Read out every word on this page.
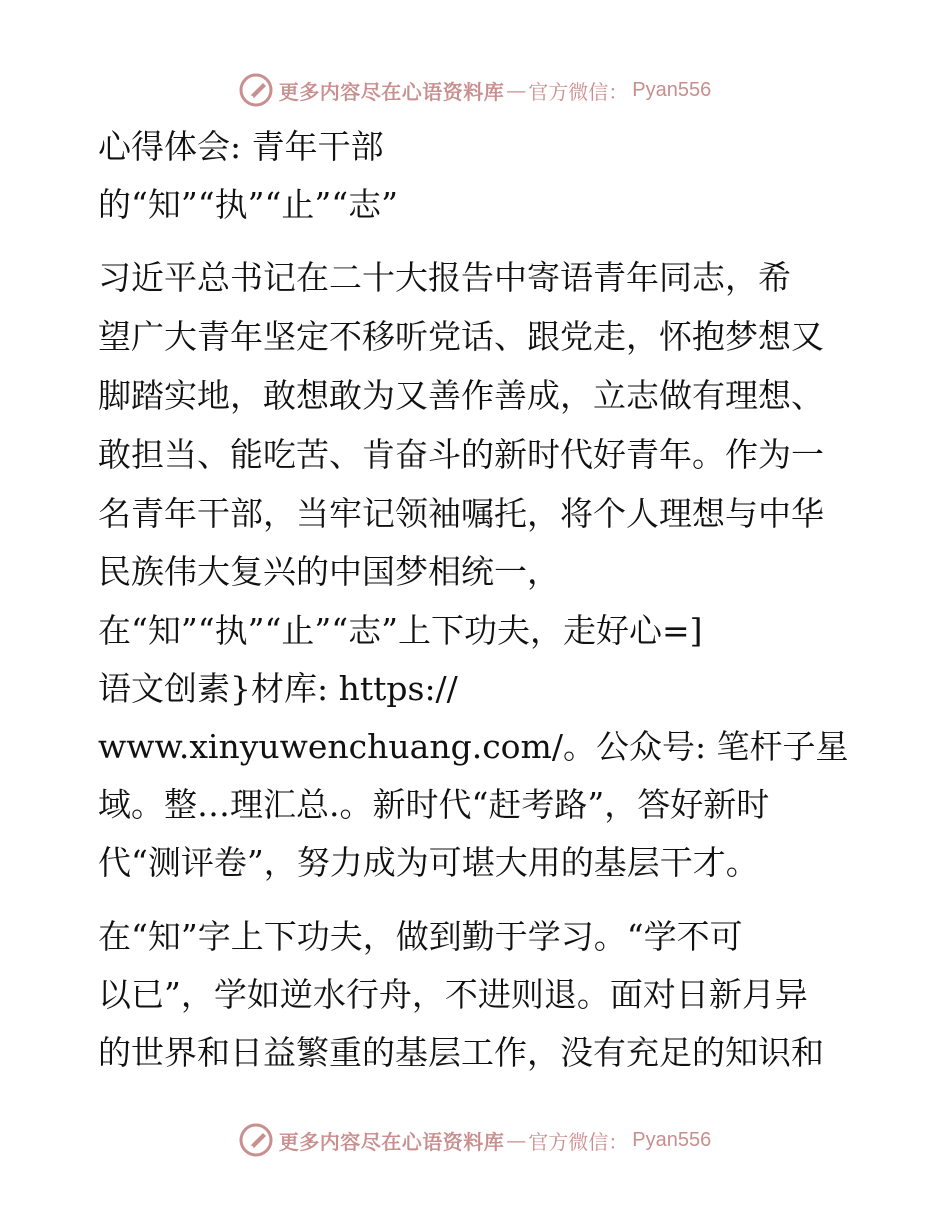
更多内容尽在心语资料库 — 官方微信： Pyan556
心得体会: 青年干部
的“知”“执”“止”“志”
习近平总书记在二十大报告中寄语青年同志，希
望广大青年坚定不移听党话、跟党走，怀抱梦想又
脚踏实地，敢想敢为又善作善成，立志做有理想、
敢担当、能吃苦、肯奋斗的新时代好青年。作为一
名青年干部，当牢记领袖嘱托，将个人理想与中华
民族伟大复兴的中国梦相统一，
在“知”“执”“止”“志”上下功夫，走好心=]
语文创素}材库: https://
www.xinyuwenchuang.com/。公众号: 笔杆子星
域。整…理汇总.。新时代“赶考路”，答好新时
代“测评卷”，努力成为可堪大用的基层干才。
在“知”字上下功夫，做到勤于学习。“学不可
以已”，学如逆水行舟，不进则退。面对日新月异
的世界和日益繁重的基层工作，没有充足的知识和
更多内容尽在心语资料库 — 官方微信： Pyan556
